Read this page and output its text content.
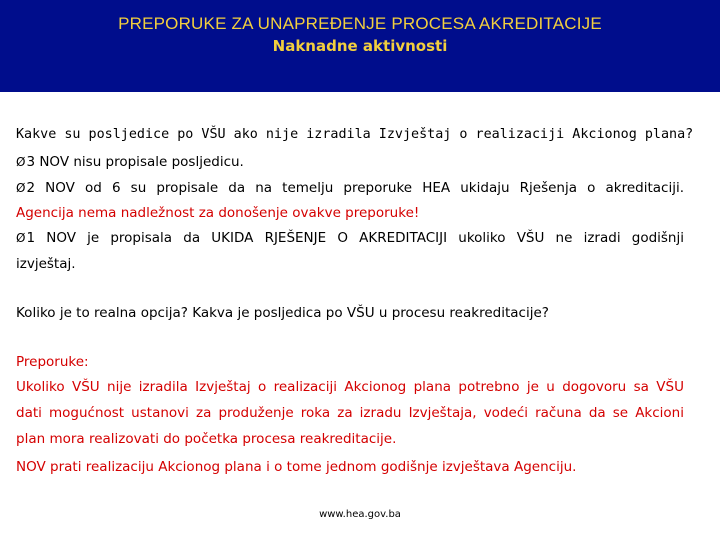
PREPORUKE ZA UNAPREĐENJE PROCESA AKREDITACIJE
Naknadne aktivnosti
Kakve su posljedice po VŠU ako nije izradila Izvještaj o realizaciji Akcionog plana?
Ø3 NOV nisu propisale posljedicu.
Ø2 NOV od 6 su propisale da na temelju preporuke HEA ukidaju Rješenja o akreditaciji.
Agencija nema nadležnost za donošenje ovakve preporuke!
Ø1 NOV je propisala da UKIDA RJEŠENJE O AKREDITACIJI ukoliko VŠU ne izradi godišnji
izvještaj.
Koliko je to realna opcija? Kakva je posljedica po VŠU u procesu reakreditacije?
Preporuke:
Ukoliko VŠU nije izradila Izvještaj o realizaciji Akcionog plana potrebno je u dogovoru sa VŠU
dati mogućnost ustanovi za produženje roka za izradu Izvještaja, vodeći računa da se Akcioni
plan mora realizovati do početka procesa reakreditacije.
NOV prati realizaciju Akcionog plana i o tome jednom godišnje izvještava Agenciju.
www.hea.gov.ba
